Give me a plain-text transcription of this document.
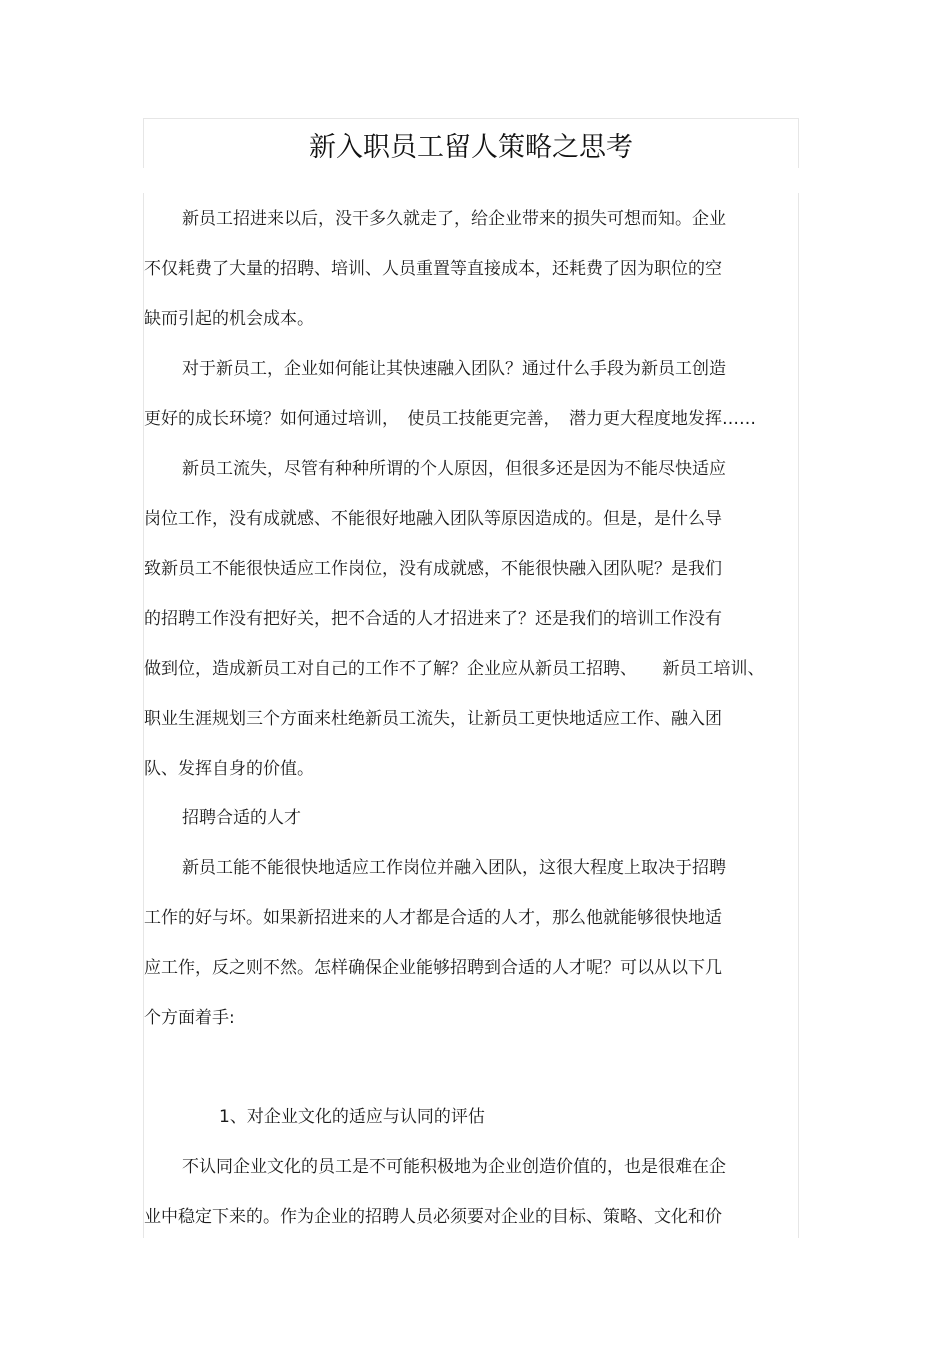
新入职员工留人策略之思考
新员工招进来以后，没干多久就走了，给企业带来的损失可想而知。企业
不仅耗费了大量的招聘、培训、人员重置等直接成本，还耗费了因为职位的空
缺而引起的机会成本。
对于新员工，企业如何能让其快速融入团队？通过什么手段为新员工创造
更好的成长环境？如何通过培训，　使员工技能更完善，　潜力更大程度地发挥……
新员工流失，尽管有种种所谓的个人原因，但很多还是因为不能尽快适应
岗位工作，没有成就感、不能很好地融入团队等原因造成的。但是，是什么导
致新员工不能很快适应工作岗位，没有成就感，不能很快融入团队呢？是我们
的招聘工作没有把好关，把不合适的人才招进来了？还是我们的培训工作没有
做到位，造成新员工对自己的工作不了解？企业应从新员工招聘、　　新员工培训、
职业生涯规划三个方面来杜绝新员工流失，让新员工更快地适应工作、融入团
队、发挥自身的价值。
招聘合适的人才
新员工能不能很快地适应工作岗位并融入团队，这很大程度上取决于招聘
工作的好与坏。如果新招进来的人才都是合适的人才，那么他就能够很快地适
应工作，反之则不然。怎样确保企业能够招聘到合适的人才呢？可以从以下几
个方面着手:
1、对企业文化的适应与认同的评估
不认同企业文化的员工是不可能积极地为企业创造价值的，也是很难在企
业中稳定下来的。作为企业的招聘人员必须要对企业的目标、策略、文化和价
